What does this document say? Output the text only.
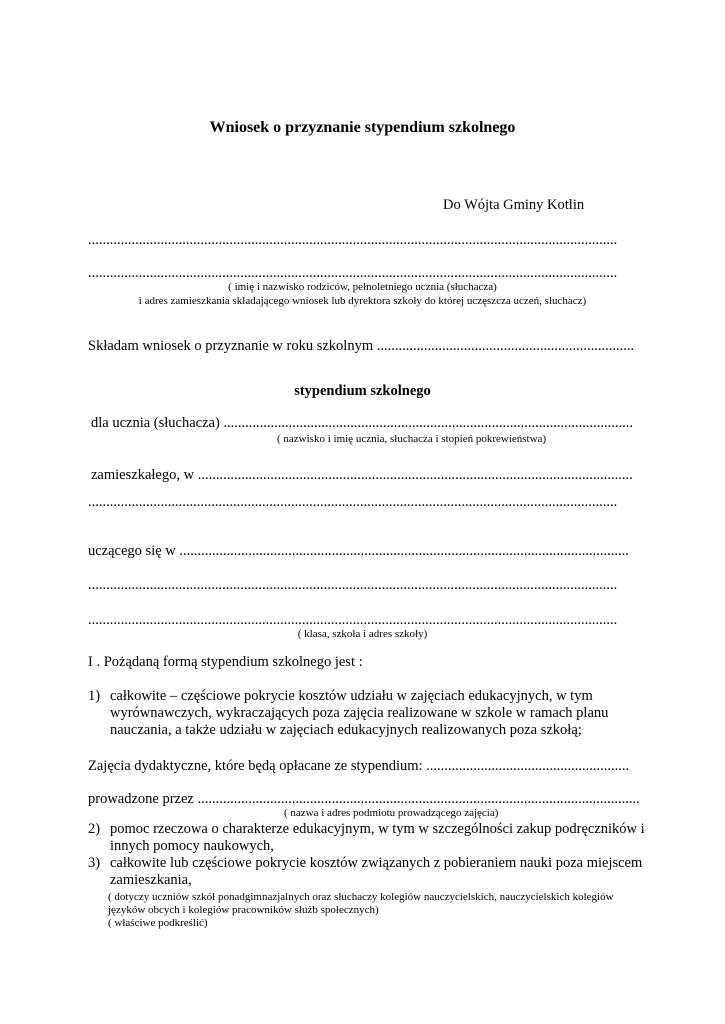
Wniosek o przyznanie stypendium szkolnego
Do Wójta Gminy Kotlin
..................................................................................................................................................
..................................................................................................................................................
( imię i nazwisko rodziców, pełnoletniego ucznia (słuchacza)
i adres zamieszkania składającego wniosek lub dyrektora szkoły do której uczęszcza uczeń, słuchacz)
Składam wniosek o przyznanie w roku szkolnym .......................................................................
stypendium szkolnego
dla ucznia (słuchacza) .................................................................................................................
( nazwisko i imię ucznia, słuchacza i stopień pokrewieństwa)
zamieszkałego, w ........................................................................................................................
..................................................................................................................................................
uczącego się w ............................................................................................................................
..................................................................................................................................................
..................................................................................................................................................
( klasa, szkoła i adres szkoły)
I . Pożądaną formą stypendium szkolnego jest :
1) całkowite – częściowe pokrycie kosztów udziału w zajęciach edukacyjnych, w tym wyrównawczych, wykraczających poza zajęcia realizowane w szkole w ramach planu nauczania, a także udziału w zajęciach edukacyjnych realizowanych poza szkołą;
Zajęcia dydaktyczne, które będą opłacane ze stypendium: ........................................................
prowadzone przez ..........................................................................................................................
( nazwa i adres podmiotu prowadzącego zajęcia)
2) pomoc rzeczowa o charakterze edukacyjnym, w tym w szczególności zakup podręczników i innych pomocy naukowych,
3) całkowite lub częściowe pokrycie kosztów związanych z pobieraniem nauki poza miejscem zamieszkania,
( dotyczy uczniów szkół ponadgimnazjalnych oraz słuchaczy kolegiów nauczycielskich, nauczycielskich kolegiów języków obcych i kolegiów pracowników służb społecznych)
( właściwe podkreślić)
